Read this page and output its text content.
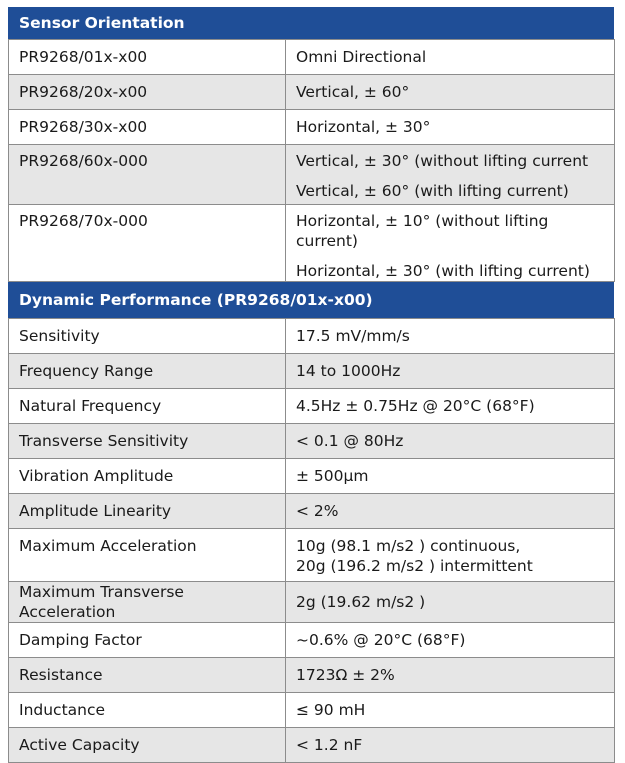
Sensor Orientation
PR9268/01x-x00	Omni Directional
PR9268/20x-x00	Vertical, ± 60°
PR9268/30x-x00	Horizontal, ± 30°
PR9268/60x-000	Vertical, ± 30° (without lifting current
Vertical, ± 60° (with lifting current)

PR9268/70x-000	Horizontal, ± 10° (without lifting current)
Horizontal, ± 30° (with lifting current)
Dynamic Performance (PR9268/01x-x00)
Sensitivity	17.5 mV/mm/s
Frequency Range	14 to 1000Hz
Natural Frequency	4.5Hz ± 0.75Hz @ 20°C (68°F)
Transverse Sensitivity	< 0.1 @ 80Hz
Vibration Amplitude	± 500μm
Amplitude Linearity	< 2%
Maximum Acceleration	10g (98.1 m/s2 ) continuous,
20g (196.2 m/s2 ) intermittent

Maximum Transverse Acceleration	2g (19.62 m/s2 )
Damping Factor	~0.6% @ 20°C (68°F)
Resistance	1723Ω ± 2%
Inductance	≤ 90 mH
Active Capacity	< 1.2 nF
